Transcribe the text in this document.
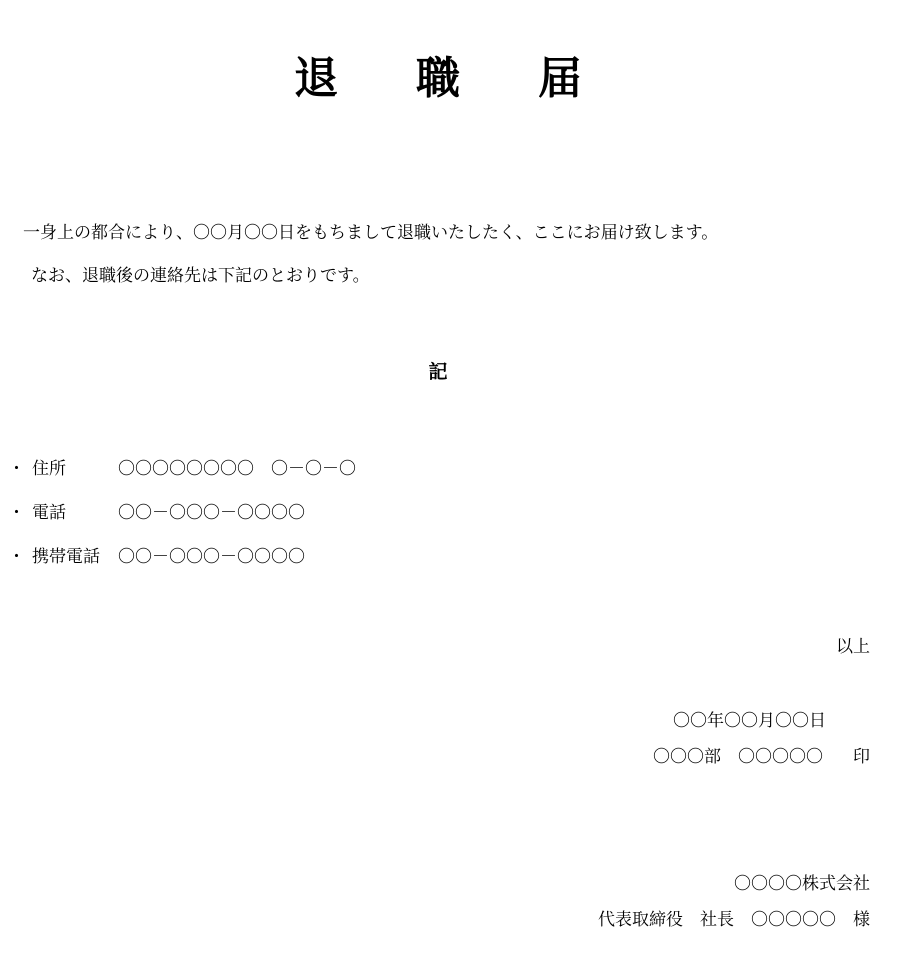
退 職 届
一身上の都合により、〇〇月〇〇日をもちまして退職いたしたく、ここにお届け致します。
なお、退職後の連絡先は下記のとおりです。
記
・ 住所	〇〇〇〇〇〇〇〇　〇－〇－〇
・ 電話	〇〇－〇〇〇－〇〇〇〇
・ 携帯電話	〇〇－〇〇〇－〇〇〇〇
以上
〇〇年〇〇月〇〇日
〇〇〇部　〇〇〇〇〇 印
〇〇〇〇株式会社
代表取締役　社長　〇〇〇〇〇　様
